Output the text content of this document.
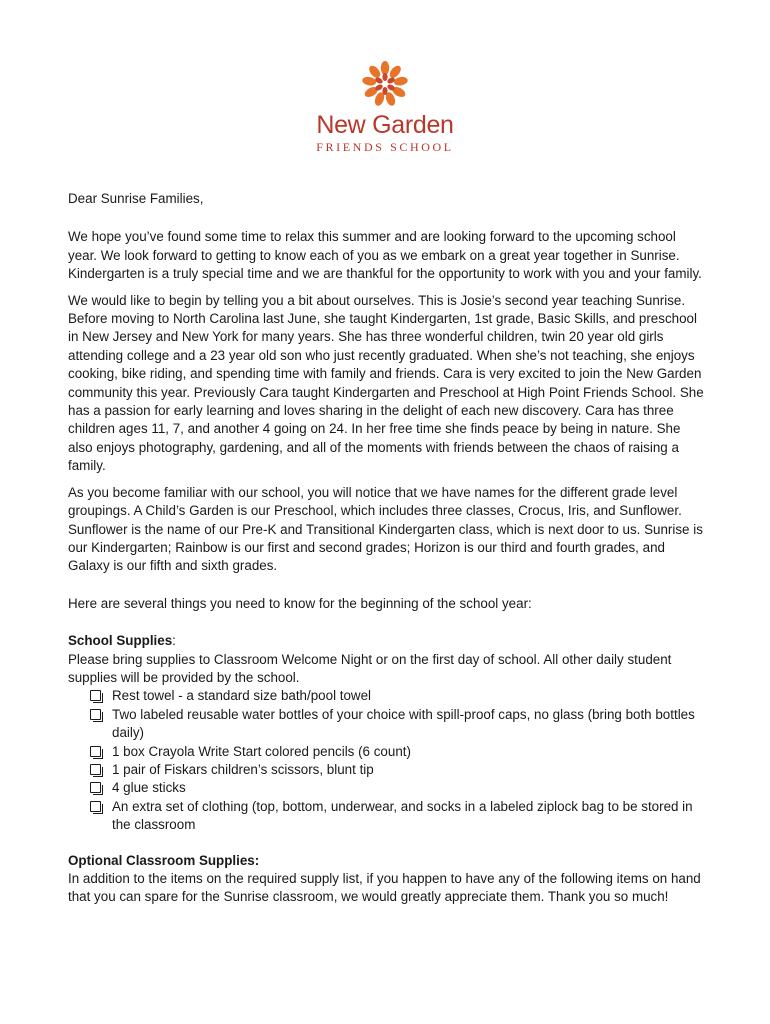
New Garden
FRIENDS SCHOOL

Dear Sunrise Families,

We hope you’ve found some time to relax this summer and are looking forward to the upcoming school year. We look forward to getting to know each of you as we embark on a great year together in Sunrise. Kindergarten is a truly special time and we are thankful for the opportunity to work with you and your family.

We would like to begin by telling you a bit about ourselves. This is Josie’s second year teaching Sunrise. Before moving to North Carolina last June, she taught Kindergarten, 1st grade, Basic Skills, and preschool in New Jersey and New York for many years. She has three wonderful children, twin 20 year old girls attending college and a 23 year old son who just recently graduated. When she’s not teaching, she enjoys cooking, bike riding, and spending time with family and friends. Cara is very excited to join the New Garden community this year. Previously Cara taught Kindergarten and Preschool at High Point Friends School. She has a passion for early learning and loves sharing in the delight of each new discovery. Cara has three children ages 11, 7, and another 4 going on 24. In her free time she finds peace by being in nature. She also enjoys photography, gardening, and all of the moments with friends between the chaos of raising a family.

As you become familiar with our school, you will notice that we have names for the different grade level groupings. A Child’s Garden is our Preschool, which includes three classes, Crocus, Iris, and Sunflower. Sunflower is the name of our Pre-K and Transitional Kindergarten class, which is next door to us. Sunrise is our Kindergarten; Rainbow is our first and second grades; Horizon is our third and fourth grades, and Galaxy is our fifth and sixth grades.

Here are several things you need to know for the beginning of the school year:

School Supplies:

Please bring supplies to Classroom Welcome Night or on the first day of school. All other daily student supplies will be provided by the school.

Rest towel - a standard size bath/pool towel
Two labeled reusable water bottles of your choice with spill-proof caps, no glass (bring both bottles daily)
1 box Crayola Write Start colored pencils (6 count)
1 pair of Fiskars children’s scissors, blunt tip
4 glue sticks
An extra set of clothing (top, bottom, underwear, and socks in a labeled ziplock bag to be stored in the classroom

Optional Classroom Supplies:

In addition to the items on the required supply list, if you happen to have any of the following items on hand that you can spare for the Sunrise classroom, we would greatly appreciate them. Thank you so much!
